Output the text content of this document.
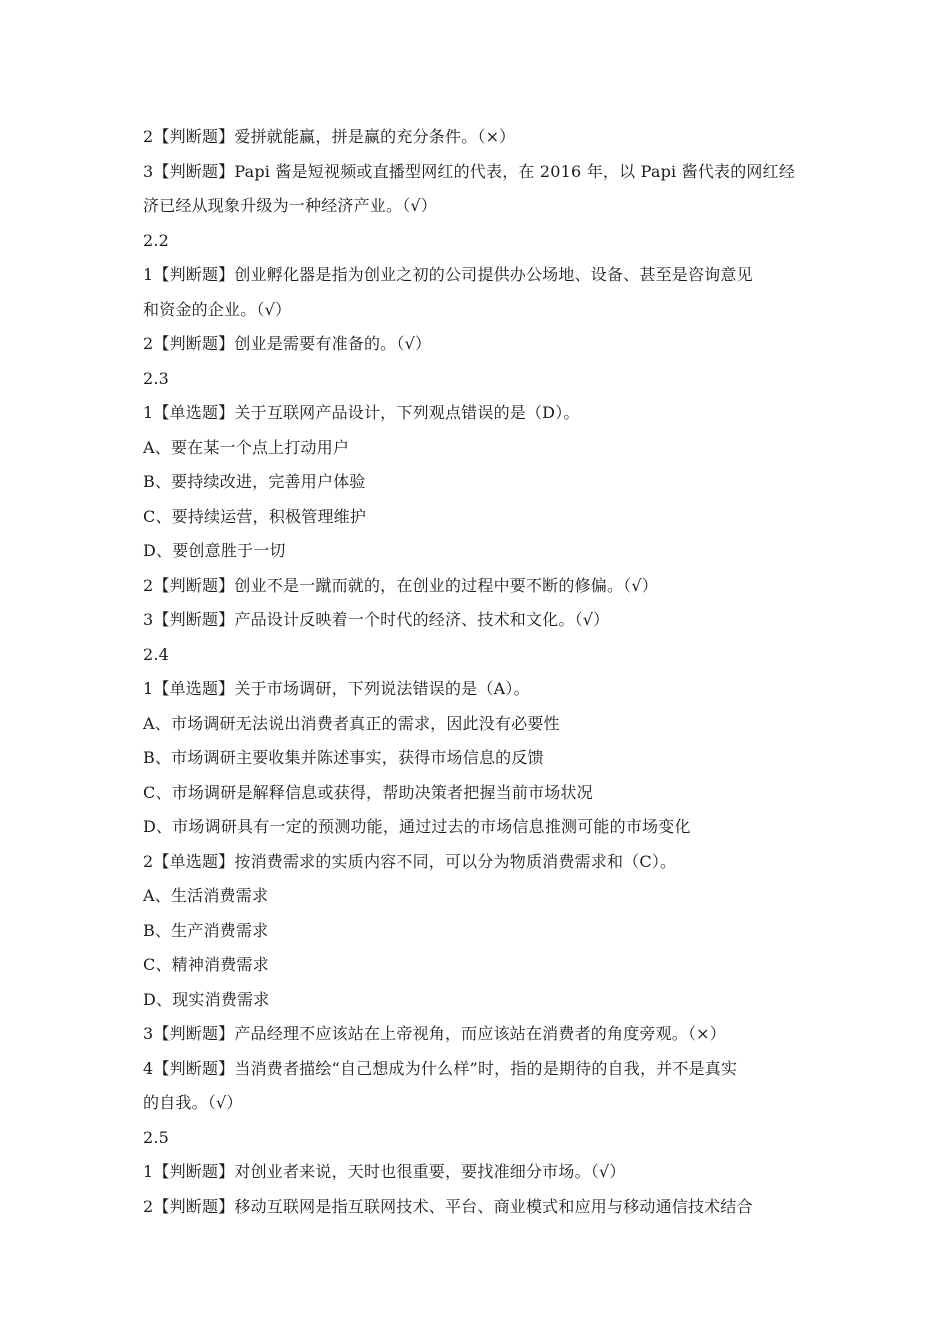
2【判断题】爱拼就能赢，拼是赢的充分条件。（×）
3【判断题】Papi 酱是短视频或直播型网红的代表，在 2016 年，以 Papi 酱代表的网红经
济已经从现象升级为一种经济产业。（√）
2.2
1【判断题】创业孵化器是指为创业之初的公司提供办公场地、设备、甚至是咨询意见
和资金的企业。（√）
2【判断题】创业是需要有准备的。（√）
2.3
1【单选题】关于互联网产品设计，下列观点错误的是（D）。
A、要在某一个点上打动用户
B、要持续改进，完善用户体验
C、要持续运营，积极管理维护
D、要创意胜于一切
2【判断题】创业不是一蹴而就的，在创业的过程中要不断的修偏。（√）
3【判断题】产品设计反映着一个时代的经济、技术和文化。（√）
2.4
1【单选题】关于市场调研，下列说法错误的是（A）。
A、市场调研无法说出消费者真正的需求，因此没有必要性
B、市场调研主要收集并陈述事实，获得市场信息的反馈
C、市场调研是解释信息或获得，帮助决策者把握当前市场状况
D、市场调研具有一定的预测功能，通过过去的市场信息推测可能的市场变化
2【单选题】按消费需求的实质内容不同，可以分为物质消费需求和（C）。
A、生活消费需求
B、生产消费需求
C、精神消费需求
D、现实消费需求
3【判断题】产品经理不应该站在上帝视角，而应该站在消费者的角度旁观。（×）
4【判断题】当消费者描绘“自己想成为什么样”时，指的是期待的自我，并不是真实
的自我。（√）
2.5
1【判断题】对创业者来说，天时也很重要，要找准细分市场。（√）
2【判断题】移动互联网是指互联网技术、平台、商业模式和应用与移动通信技术结合
